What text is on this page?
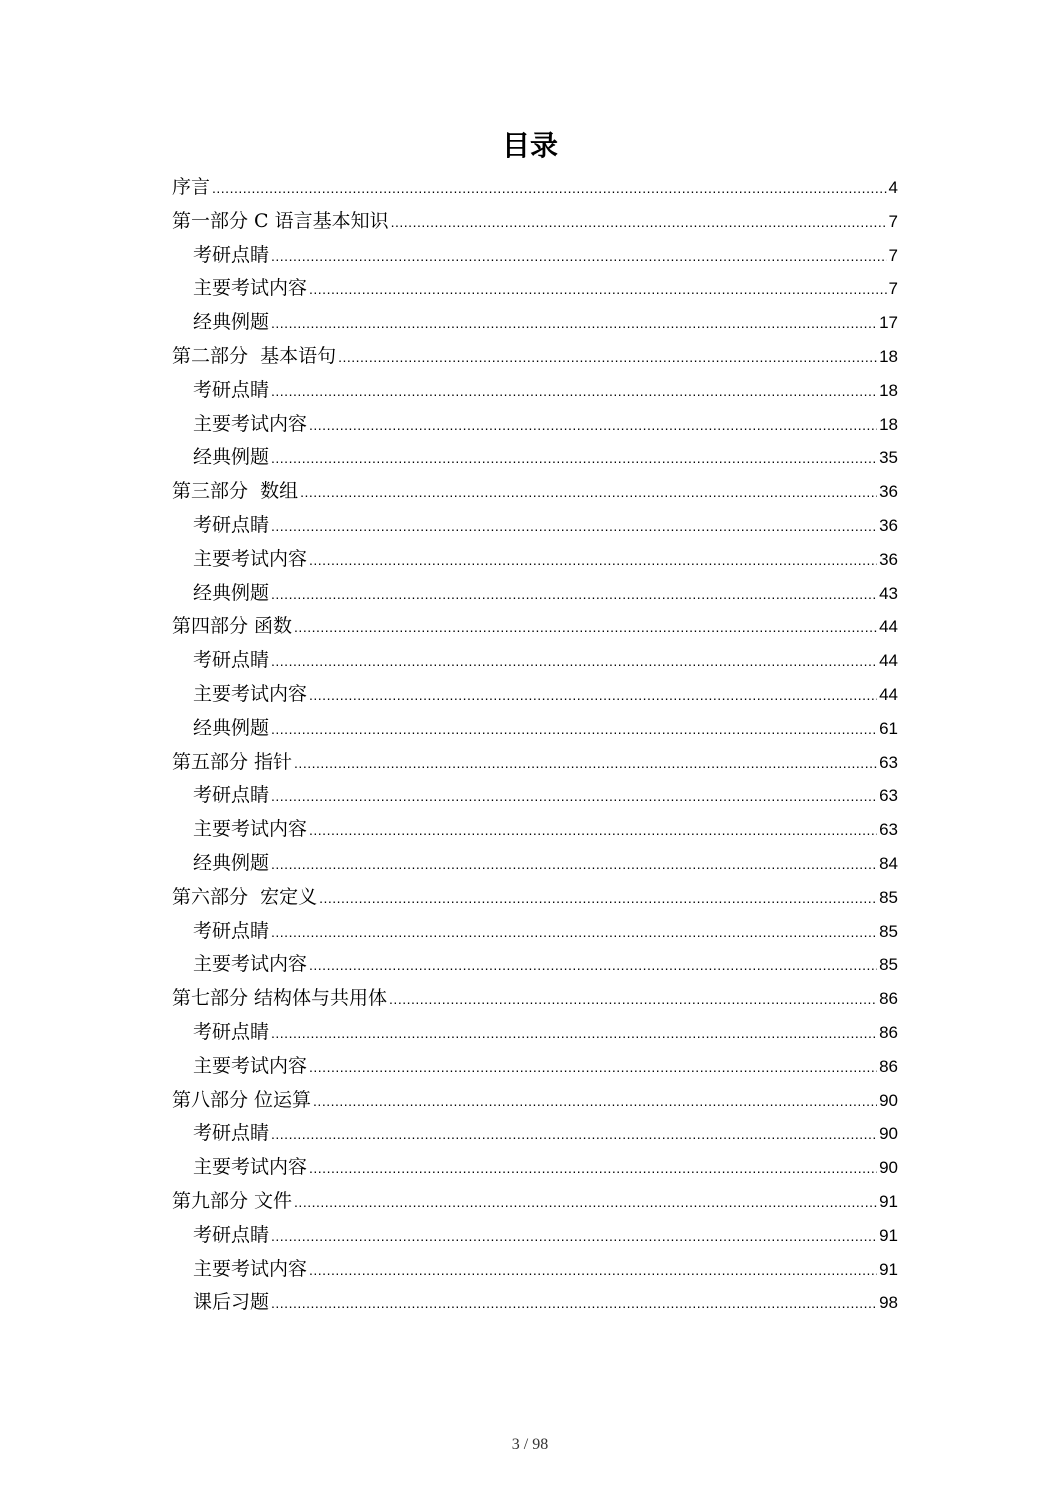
目录
序言 .....	4
第一部分 C 语言基本知识 .....	7
考研点睛 .....	7
主要考试内容 .....	7
经典例题 .....	17
第二部分  基本语句 .....	18
考研点睛 .....	18
主要考试内容 .....	18
经典例题 .....	35
第三部分  数组 .....	36
考研点睛 .....	36
主要考试内容 .....	36
经典例题 .....	43
第四部分 函数 .....	44
考研点睛 .....	44
主要考试内容 .....	44
经典例题 .....	61
第五部分 指针 .....	63
考研点睛 .....	63
主要考试内容 .....	63
经典例题 .....	84
第六部分  宏定义 .....	85
考研点睛 .....	85
主要考试内容 .....	85
第七部分 结构体与共用体 .....	86
考研点睛 .....	86
主要考试内容 .....	86
第八部分 位运算 .....	90
考研点睛 .....	90
主要考试内容 .....	90
第九部分 文件 .....	91
考研点睛 .....	91
主要考试内容 .....	91
课后习题 .....	98
3 / 98
